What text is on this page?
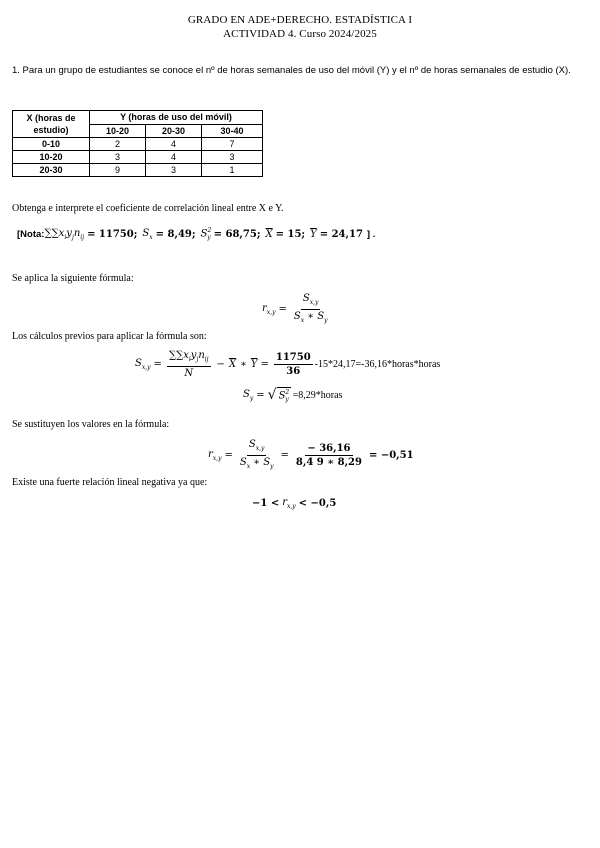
GRADO EN ADE+DERECHO. ESTADÍSTICA I
ACTIVIDAD 4. Curso 2024/2025
1. Para un grupo de estudiantes se conoce el nº de horas semanales de uso del móvil (Y) y el nº de horas semanales de estudio (X).
X (horas de
estudio)	Y (horas de uso del móvil)		
	10-20	20-30	30-40
0-10	2	4	7
10-20	3	4	3
20-30	9	3	1
Obtenga e interprete el coeficiente de correlación lineal entre X e Y.
[Nota: $\sum\sum x_iy_jn_{ij} = 11750$; $S_x = 8,49$; $S^2_y = 68,75$; $\overline{X} = 15$; $\overline{Y} = 24,17$ ] .
Se aplica la siguiente fórmula:
$r_{x,y} = \frac{S_{x,y}}{S_x ∗ S_y}$
Los cálculos previos para aplicar la fórmula son:
$S_{x,y} = \frac{\sum\sum x_iy_jn_{ij}}{N} - \overline{X}$ ∗ $\overline{Y} = \frac{11750}{36}$ -15*24,17=-36,16*horas*horas
$S_y$ = √ $S^2_y$ =8,29*horas
Se sustituyen los valores en la fórmula:
$r_{x,y} = \frac{S_{x,y}}{S_x ∗ S_y} = \frac{- 36,16}{8,4 9 ∗ 8,29} = -0,51$
Existe una fuerte relación lineal negativa ya que:
$-1 < r_{x,y} < -0,5$
